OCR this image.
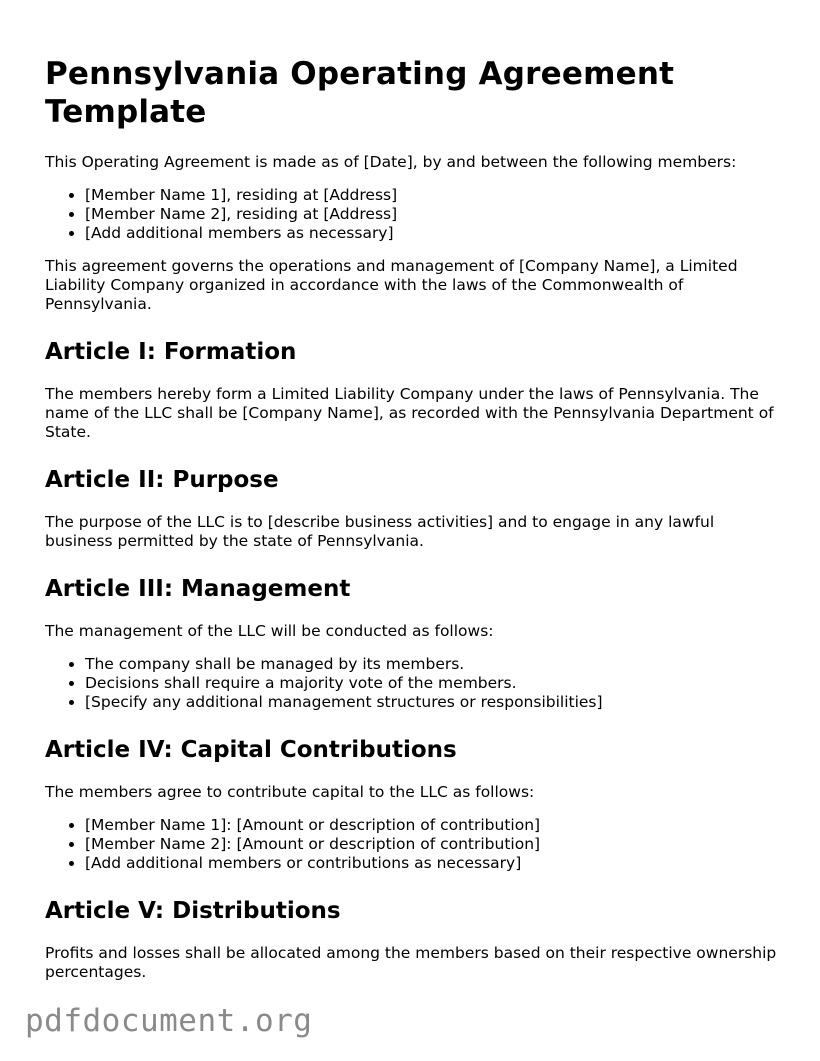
Pennsylvania Operating Agreement Template

This Operating Agreement is made as of [Date], by and between the following members:

• [Member Name 1], residing at [Address]
• [Member Name 2], residing at [Address]
• [Add additional members as necessary]

This agreement governs the operations and management of [Company Name], a Limited Liability Company organized in accordance with the laws of the Commonwealth of Pennsylvania.

Article I: Formation

The members hereby form a Limited Liability Company under the laws of Pennsylvania. The name of the LLC shall be [Company Name], as recorded with the Pennsylvania Department of State.

Article II: Purpose

The purpose of the LLC is to [describe business activities] and to engage in any lawful business permitted by the state of Pennsylvania.

Article III: Management

The management of the LLC will be conducted as follows:

• The company shall be managed by its members.
• Decisions shall require a majority vote of the members.
• [Specify any additional management structures or responsibilities]
Article IV: Capital Contributions

The members agree to contribute capital to the LLC as follows:

• [Member Name 1]: [Amount or description of contribution]
• [Member Name 2]: [Amount or description of contribution]
• [Add additional members or contributions as necessary]
Article V: Distributions

Profits and losses shall be allocated among the members based on their respective ownership percentages.

pdfdocument.org
